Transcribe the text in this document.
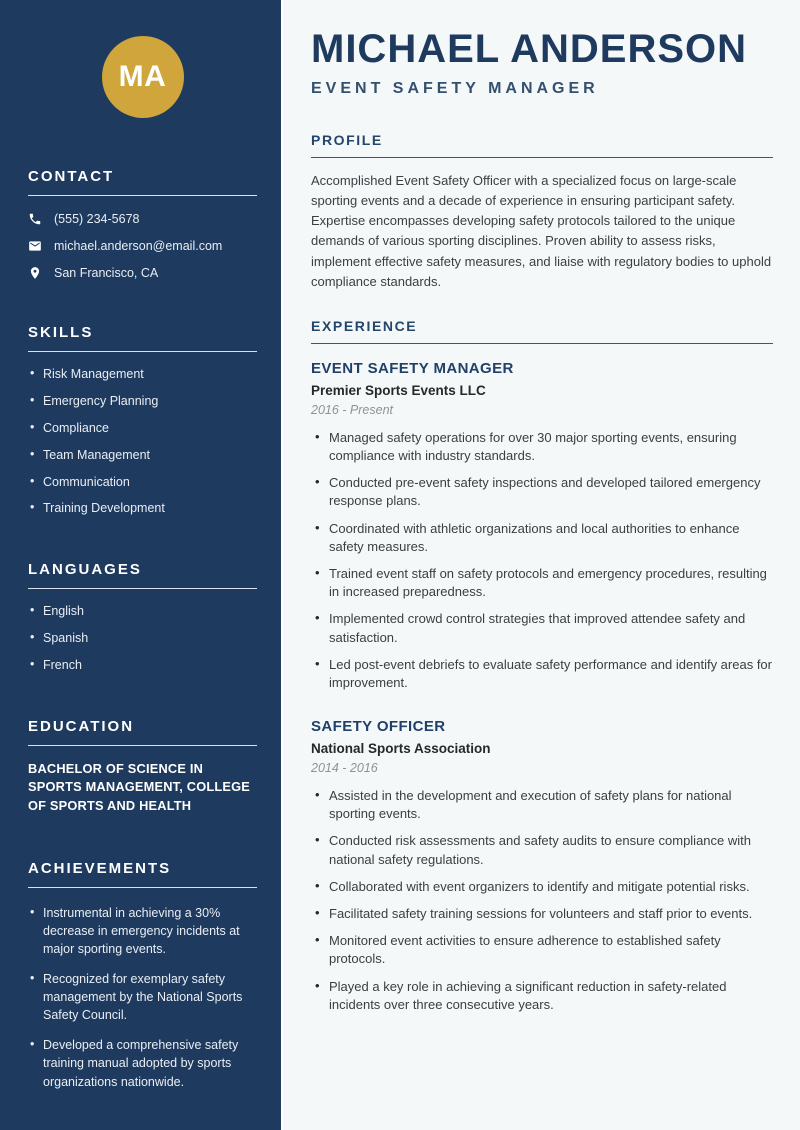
MA
CONTACT
(555) 234-5678
michael.anderson@email.com
San Francisco, CA
SKILLS
• Risk Management
• Emergency Planning
• Compliance
• Team Management
• Communication
• Training Development
LANGUAGES
• English
• Spanish
• French
EDUCATION
BACHELOR OF SCIENCE IN SPORTS MANAGEMENT, COLLEGE OF SPORTS AND HEALTH
ACHIEVEMENTS
• Instrumental in achieving a 30% decrease in emergency incidents at major sporting events.
• Recognized for exemplary safety management by the National Sports Safety Council.
• Developed a comprehensive safety training manual adopted by sports organizations nationwide.
MICHAEL ANDERSON
EVENT SAFETY MANAGER
PROFILE

Accomplished Event Safety Officer with a specialized focus on large-scale sporting events and a decade of experience in ensuring participant safety. Expertise encompasses developing safety protocols tailored to the unique demands of various sporting disciplines. Proven ability to assess risks, implement effective safety measures, and liaise with regulatory bodies to uphold compliance standards.

EXPERIENCE
EVENT SAFETY MANAGER
Premier Sports Events LLC
2016 - Present
• Managed safety operations for over 30 major sporting events, ensuring compliance with industry standards.
• Conducted pre-event safety inspections and developed tailored emergency response plans.
• Coordinated with athletic organizations and local authorities to enhance safety measures.
• Trained event staff on safety protocols and emergency procedures, resulting in increased preparedness.
• Implemented crowd control strategies that improved attendee safety and satisfaction.
• Led post-event debriefs to evaluate safety performance and identify areas for improvement.
SAFETY OFFICER
National Sports Association
2014 - 2016
• Assisted in the development and execution of safety plans for national sporting events.
• Conducted risk assessments and safety audits to ensure compliance with national safety regulations.
• Collaborated with event organizers to identify and mitigate potential risks.
• Facilitated safety training sessions for volunteers and staff prior to events.
• Monitored event activities to ensure adherence to established safety protocols.
• Played a key role in achieving a significant reduction in safety-related incidents over three consecutive years.
